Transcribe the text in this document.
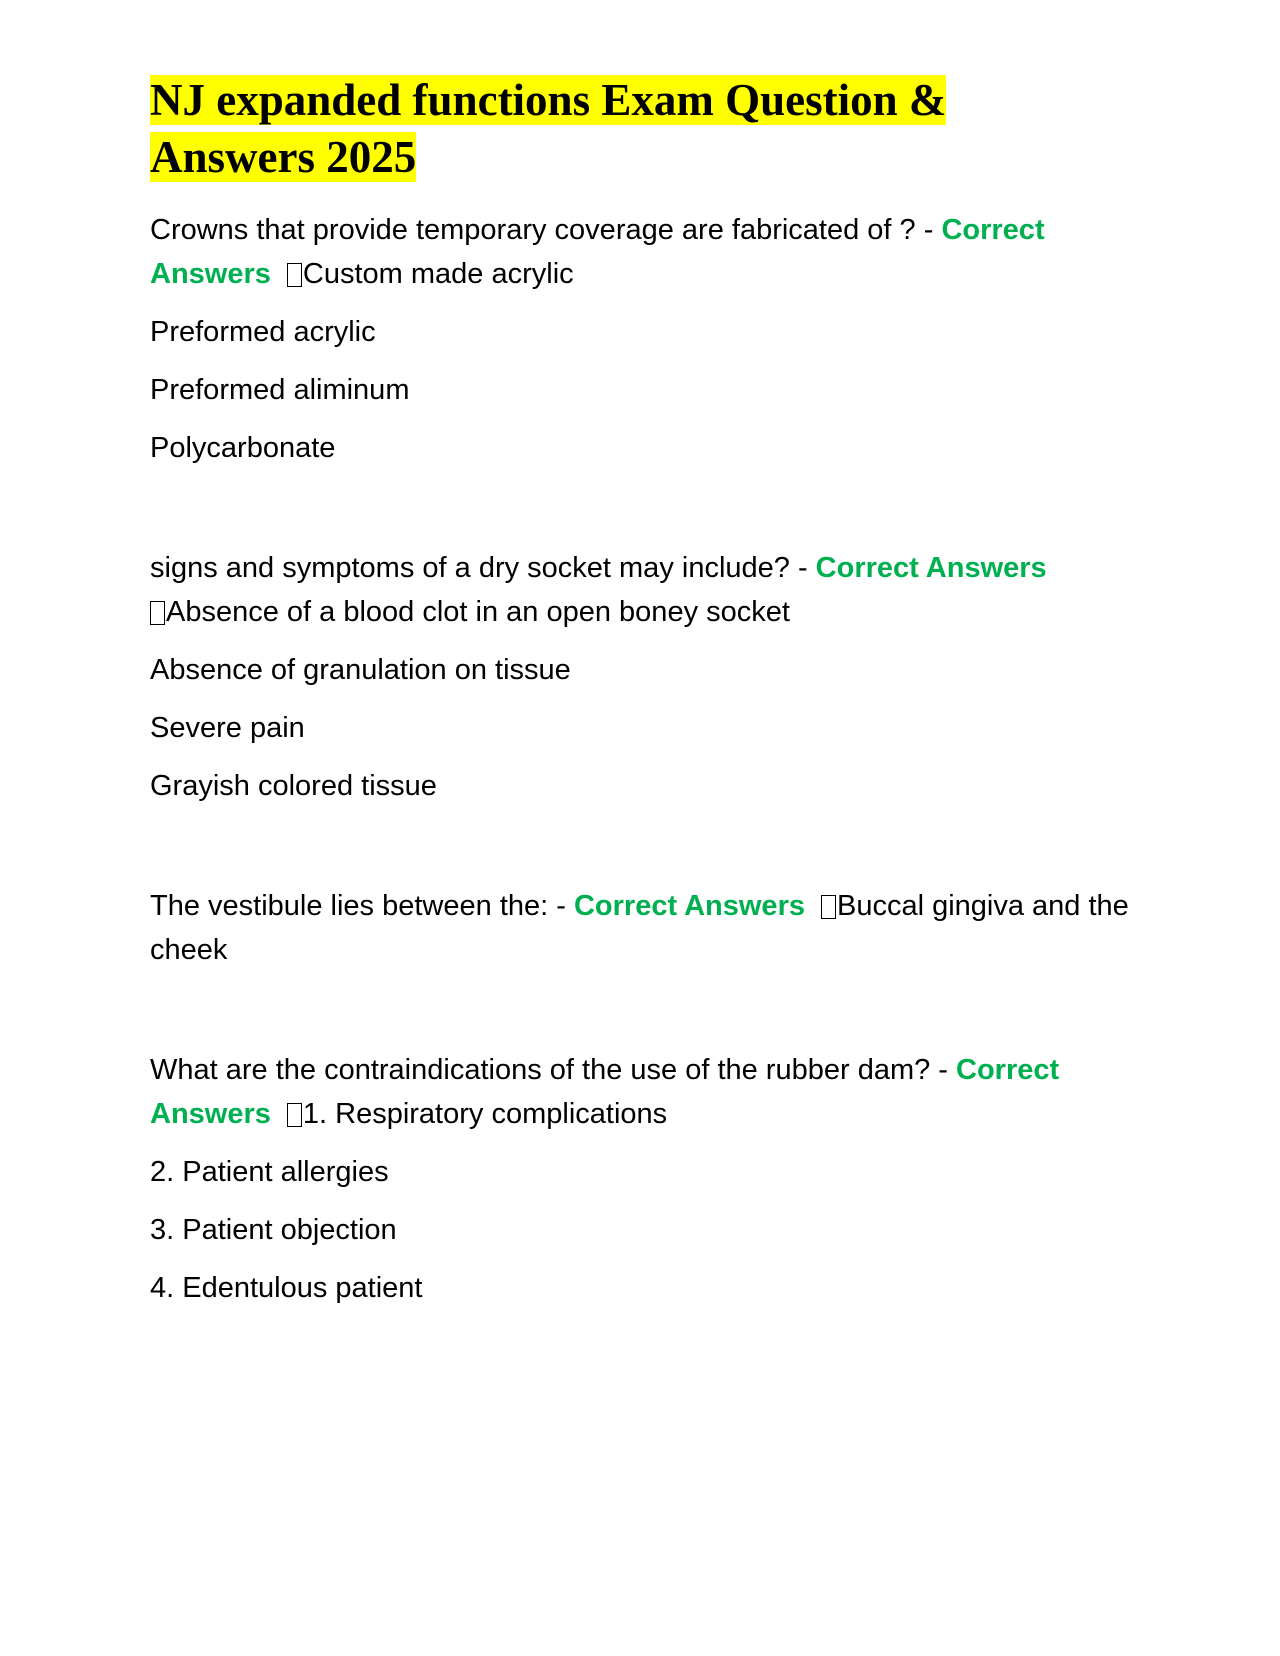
NJ expanded functions Exam Question &
Answers 2025

Crowns that provide temporary coverage are fabricated of ? - Correct Answers Custom made acrylic

Preformed acrylic

Preformed aliminum

Polycarbonate

signs and symptoms of a dry socket may include? - Correct Answers
Absence of a blood clot in an open boney socket

Absence of granulation on tissue

Severe pain

Grayish colored tissue

The vestibule lies between the: - Correct Answers Buccal gingiva and the cheek

What are the contraindications of the use of the rubber dam? - Correct Answers 1. Respiratory complications

2. Patient allergies

3. Patient objection

4. Edentulous patient
